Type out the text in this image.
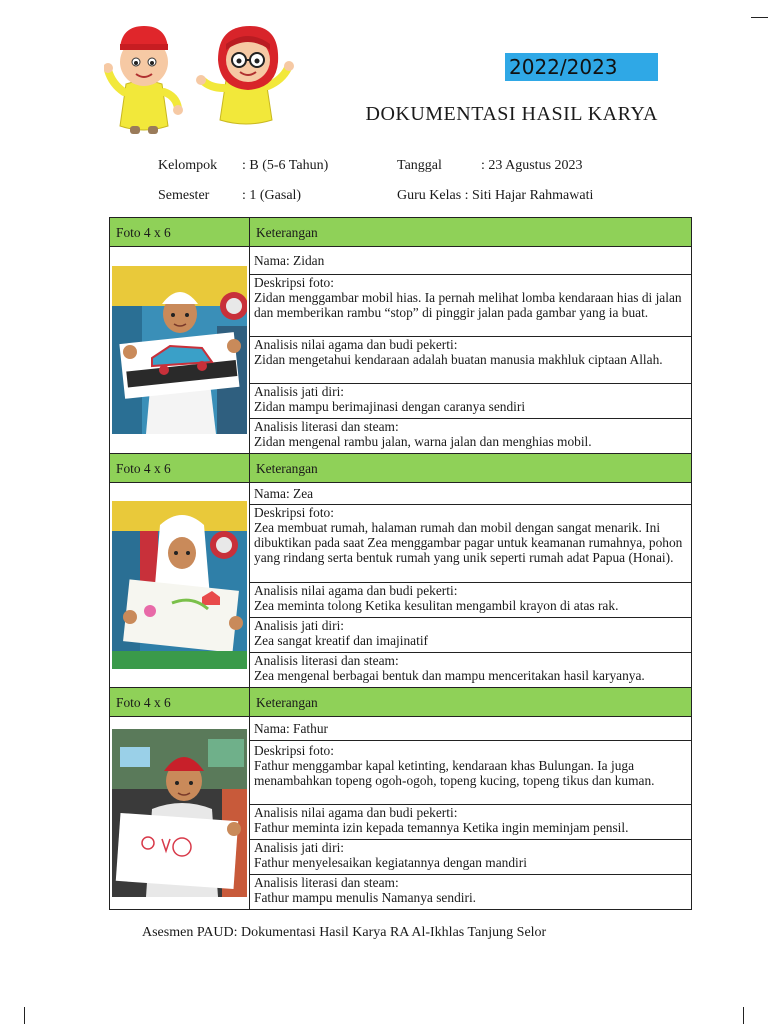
2022/2023
DOKUMENTASI HASIL KARYA
Kelompok : B (5-6 Tahun)	Tanggal	: 23 Agustus 2023
Semester : 1 (Gasal)	Guru Kelas : Siti Hajar Rahmawati
Foto 4 x 6	Keterangan

	Nama: Zidan

	Deskripsi foto:
Zidan menggambar mobil hias. Ia pernah melihat lomba kendaraan hias di jalan dan memberikan rambu “stop” di pinggir jalan pada gambar yang ia buat.

	Analisis nilai agama dan budi pekerti:
Zidan mengetahui kendaraan adalah buatan manusia makhluk ciptaan Allah.

	Analisis jati diri:
Zidan mampu berimajinasi dengan caranya sendiri

	Analisis literasi dan steam:
Zidan mengenal rambu jalan, warna jalan dan menghias mobil.

Foto 4 x 6	Keterangan

	Nama: Zea

	Deskripsi foto:
Zea membuat rumah, halaman rumah dan mobil dengan sangat menarik. Ini dibuktikan pada saat Zea menggambar pagar untuk keamanan rumahnya, pohon yang rindang serta bentuk rumah yang unik seperti rumah adat Papua (Honai).

	Analisis nilai agama dan budi pekerti:
Zea meminta tolong Ketika kesulitan mengambil krayon di atas rak.

	Analisis jati diri:
Zea sangat kreatif dan imajinatif

	Analisis literasi dan steam:
Zea mengenal berbagai bentuk dan mampu menceritakan hasil karyanya.

Foto 4 x 6	Keterangan

	Nama: Fathur

	Deskripsi foto:
Fathur menggambar kapal ketinting, kendaraan khas Bulungan. Ia juga menambahkan topeng ogoh-ogoh, topeng kucing, topeng tikus dan kuman.

	Analisis nilai agama dan budi pekerti:
Fathur meminta izin kepada temannya Ketika ingin meminjam pensil.

	Analisis jati diri:
Fathur menyelesaikan kegiatannya dengan mandiri

	Analisis literasi dan steam:
Fathur mampu menulis Namanya sendiri.
Asesmen PAUD: Dokumentasi Hasil Karya RA Al-Ikhlas Tanjung Selor
